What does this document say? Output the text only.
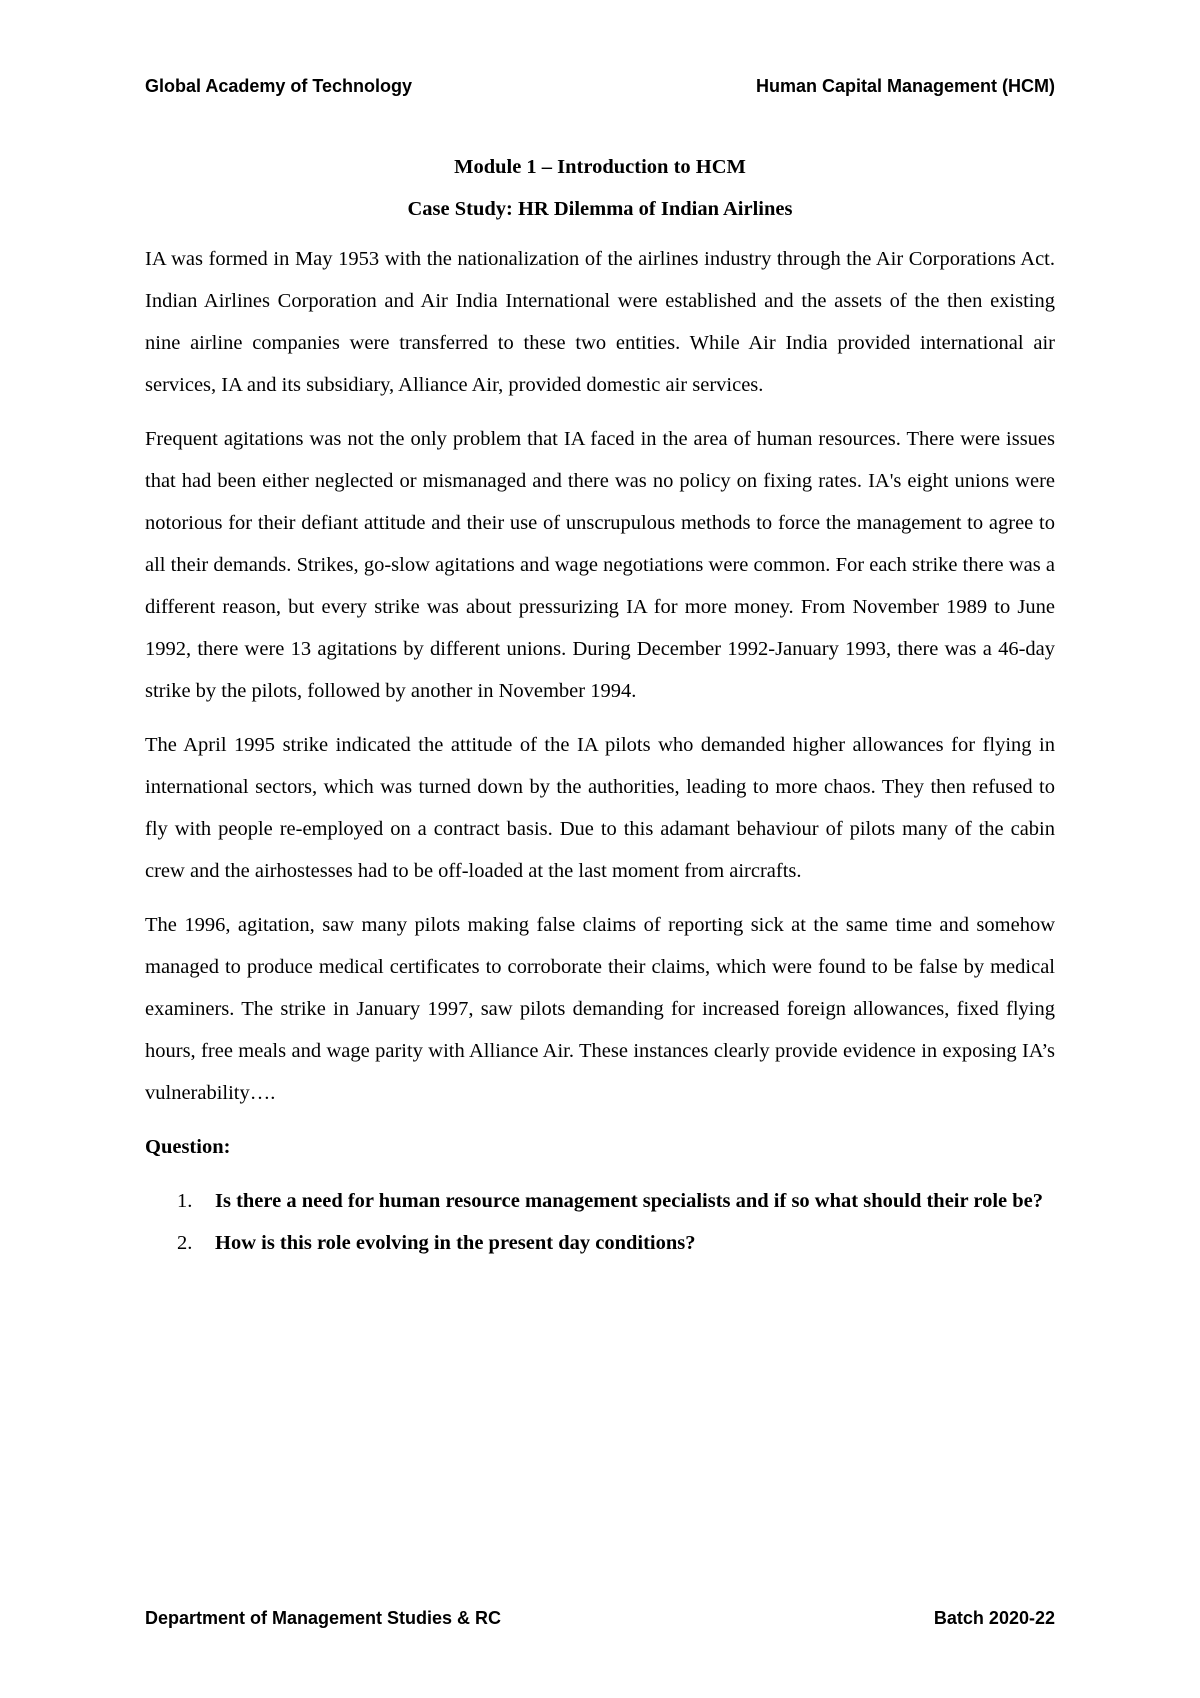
Global Academy of Technology	Human Capital Management (HCM)

Module 1 – Introduction to HCM

Case Study: HR Dilemma of Indian Airlines

IA was formed in May 1953 with the nationalization of the airlines industry through the Air Corporations Act. Indian Airlines Corporation and Air India International were established and the assets of the then existing nine airline companies were transferred to these two entities. While Air India provided international air services, IA and its subsidiary, Alliance Air, provided domestic air services.

Frequent agitations was not the only problem that IA faced in the area of human resources. There were issues that had been either neglected or mismanaged and there was no policy on fixing rates. IA's eight unions were notorious for their defiant attitude and their use of unscrupulous methods to force the management to agree to all their demands. Strikes, go-slow agitations and wage negotiations were common. For each strike there was a different reason, but every strike was about pressurizing IA for more money. From November 1989 to June 1992, there were 13 agitations by different unions. During December 1992-January 1993, there was a 46-day strike by the pilots, followed by another in November 1994.

The April 1995 strike indicated the attitude of the IA pilots who demanded higher allowances for flying in international sectors, which was turned down by the authorities, leading to more chaos. They then refused to fly with people re-employed on a contract basis. Due to this adamant behaviour of pilots many of the cabin crew and the airhostesses had to be off-loaded at the last moment from aircrafts.

The 1996, agitation, saw many pilots making false claims of reporting sick at the same time and somehow managed to produce medical certificates to corroborate their claims, which were found to be false by medical examiners. The strike in January 1997, saw pilots demanding for increased foreign allowances, fixed flying hours, free meals and wage parity with Alliance Air. These instances clearly provide evidence in exposing IA’s vulnerability….

Question:

1.	Is there a need for human resource management specialists and if so what should their role be?
2.	How is this role evolving in the present day conditions?
Department of Management Studies & RC	Batch 2020-22
